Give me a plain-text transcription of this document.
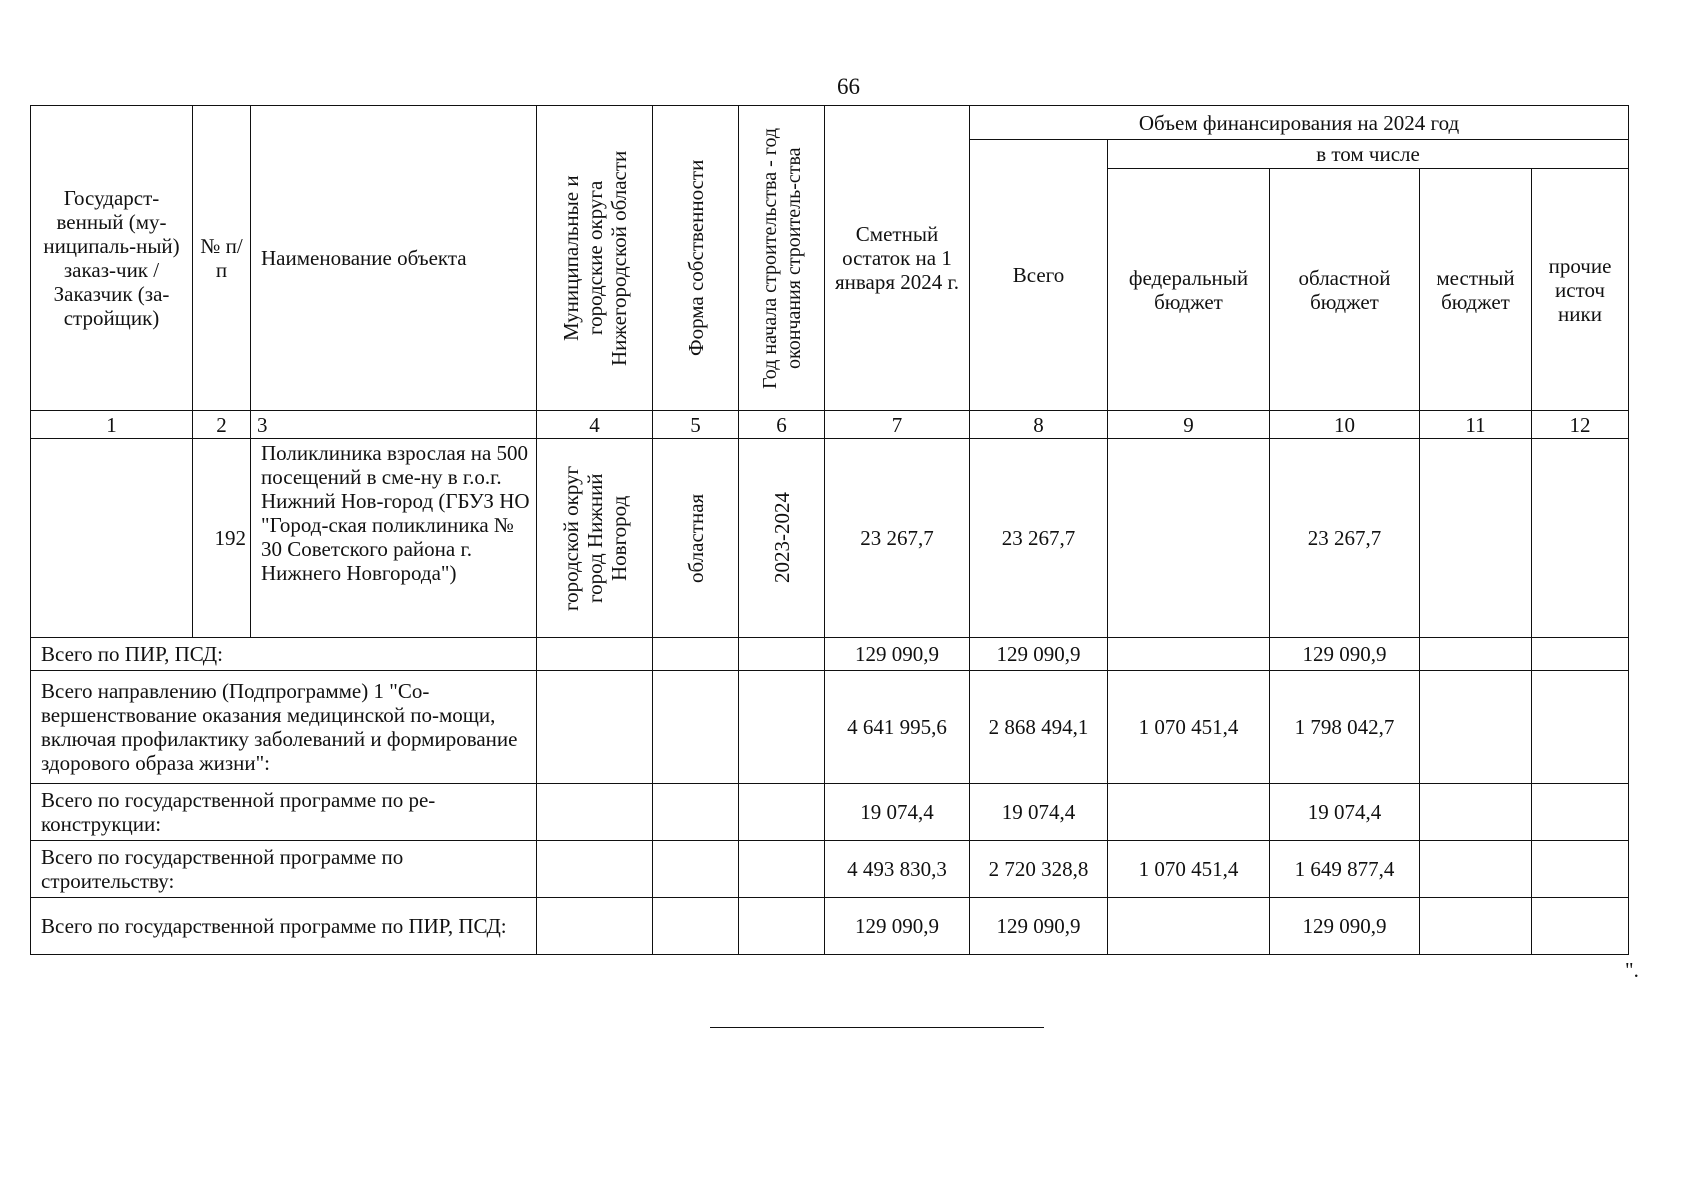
66
Государст-венный (му-ниципаль-ный) заказ-чик / Заказчик (за-стройщик)	№ п/п	Наименование объекта	Муниципальные и городские округа Нижегородской области	Форма собственности	Год начала строительства - год окончания строитель-ства	Сметный остаток на 1 января 2024 г.	Объем финансирования на 2024 год				
							Всего	в том числе			
								федеральный бюджет	областной бюджет	местный бюджет	прочие источ ники
1	2	3	4	5	6	7	8	9	10	11	12
	192	Поликлиника взрослая на 500 посещений в сме-ну в г.о.г. Нижний Нов-город (ГБУЗ НО "Город-ская поликлиника № 30 Советского района г. Нижнего Новгорода")	городской округ город Нижний Новгород	областная	2023-2024	23 267,7	23 267,7		23 267,7		
Всего по ПИР, ПСД:						129 090,9	129 090,9		129 090,9		
Всего направлению (Подпрограмме) 1 "Со-вершенствование оказания медицинской по-мощи, включая профилактику заболеваний и формирование здорового образа жизни":						4 641 995,6	2 868 494,1	1 070 451,4	1 798 042,7		
Всего по государственной программе по ре-конструкции:						19 074,4	19 074,4		19 074,4		
Всего по государственной программе по строительству:						4 493 830,3	2 720 328,8	1 070 451,4	1 649 877,4		
Всего по государственной программе по ПИР, ПСД:						129 090,9	129 090,9		129 090,9		
".
